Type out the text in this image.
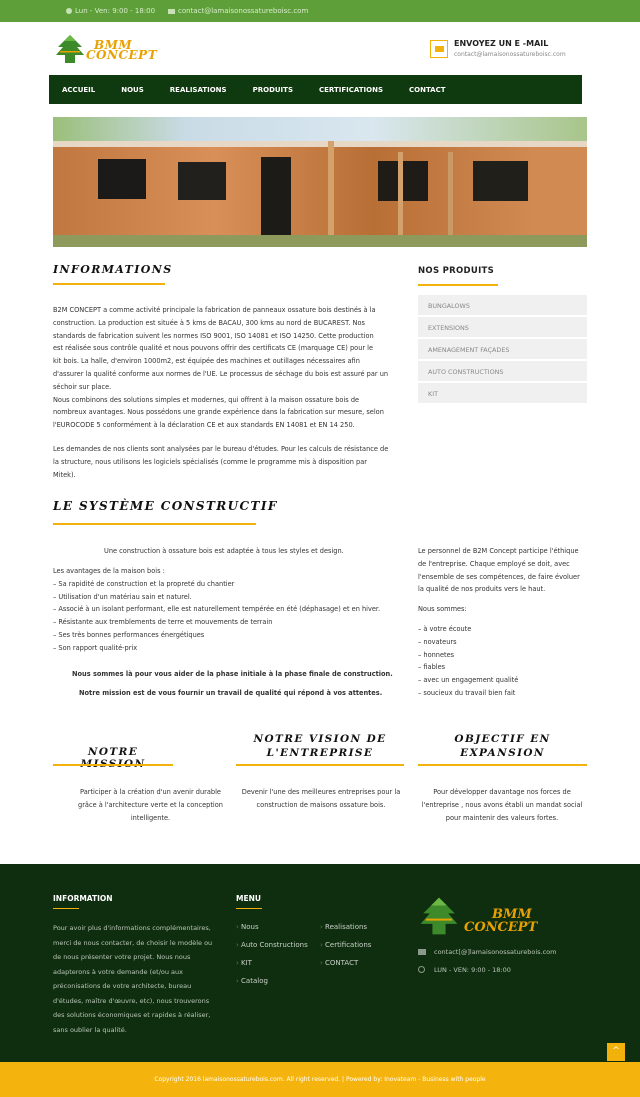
Lun - Ven: 9:00 - 18:00	contact@lamaisonossatureboisc.com
BMM
CONCEPT
ENVOYEZ UN E -MAIL
contact@lamaisonossatureboisc.com
ACCUEIL	NOUS	REALISATIONS	PRODUITS	CERTIFICATIONS	CONTACT
INFORMATIONS
B2M CONCEPT a comme activité principale la fabrication de panneaux ossature bois destinés à la
construction. La production est située à 5 kms de BACAU, 300 kms au nord de BUCAREST. Nos
standards de fabrication suivent les normes ISO 9001, ISO 14081 et ISO 14250. Cette production
est réalisée sous contrôle qualité et nous pouvons offrir des certificats CE (marquage CE) pour le
kit bois. La halle, d'environ 1000m2, est équipée des machines et outillages nécessaires afin
d'assurer la qualité conforme aux normes de l'UE. Le processus de séchage du bois est assuré par un
séchoir sur place.
Nous combinons des solutions simples et modernes, qui offrent à la maison ossature bois de
nombreux avantages. Nous possédons une grande expérience dans la fabrication sur mesure, selon
l'EUROCODE 5 conformément à la déclaration CE et aux standards EN 14081 et EN 14 250.
Les demandes de nos clients sont analysées par le bureau d'études. Pour les calculs de résistance de
la structure, nous utilisons les logiciels spécialisés (comme le programme mis à disposition par
Mitek).
NOS PRODUITS
BUNGALOWS
EXTENSIONS
AMENAGEMENT FAÇADES
AUTO CONSTRUCTIONS
KIT
LE SYSTÈME CONSTRUCTIF
Une construction à ossature bois est adaptée à tous les styles et design.
Les avantages de la maison bois :
– Sa rapidité de construction et la propreté du chantier
– Utilisation d'un matériau sain et naturel.
– Associé à un isolant performant, elle est naturellement tempérée en été (déphasage) et en hiver.
– Résistante aux tremblements de terre et mouvements de terrain
– Ses très bonnes performances énergétiques
– Son rapport qualité-prix
Nous sommes là pour vous aider de la phase initiale à la phase finale de construction.
Notre mission est de vous fournir un travail de qualité qui répond à vos attentes.
Le personnel de B2M Concept participe l'éthique
de l'entreprise. Chaque employé se doit, avec
l'ensemble de ses compétences, de faire évoluer
la qualité de nos produits vers le haut.
Nous sommes:
– à votre écoute
– novateurs
– honnetes
– fiables
– avec un engagement qualité
– soucieux du travail bien fait
NOTRE
Participer à la création d'un avenir durable
grâce à l'architecture verte et la conception
intelligente.
NOTRE VISION DE
L'ENTREPRISE
Devenir l'une des meilleures entreprises pour la
construction de maisons ossature bois.
OBJECTIF EN
EXPANSION
Pour développer davantage nos forces de
l'entreprise , nous avons établi un mandat social
pour maintenir des valeurs fortes.
INFORMATION
Pour avoir plus d'informations complémentaires,
merci de nous contacter, de choisir le modèle ou
de nous présenter votre projet. Nous nous
adapterons à votre demande (et/ou aux
préconisations de votre architecte, bureau
d'études, maître d'œuvre, etc), nous trouverons
des solutions économiques et rapides à réaliser,
sans oublier la qualité.
MENU
› Nous
› Auto Constructions
› KIT
› Catalog
› Realisations
› Certifications
› CONTACT
BMM
CONCEPT
contact[@]lamaisonossaturebois.com
LUN - VEN: 9:00 - 18:00
Copyright 2016 lamaisonossaturebois.com. All right reserved. | Powered by: Inovateam - Business with people
^
